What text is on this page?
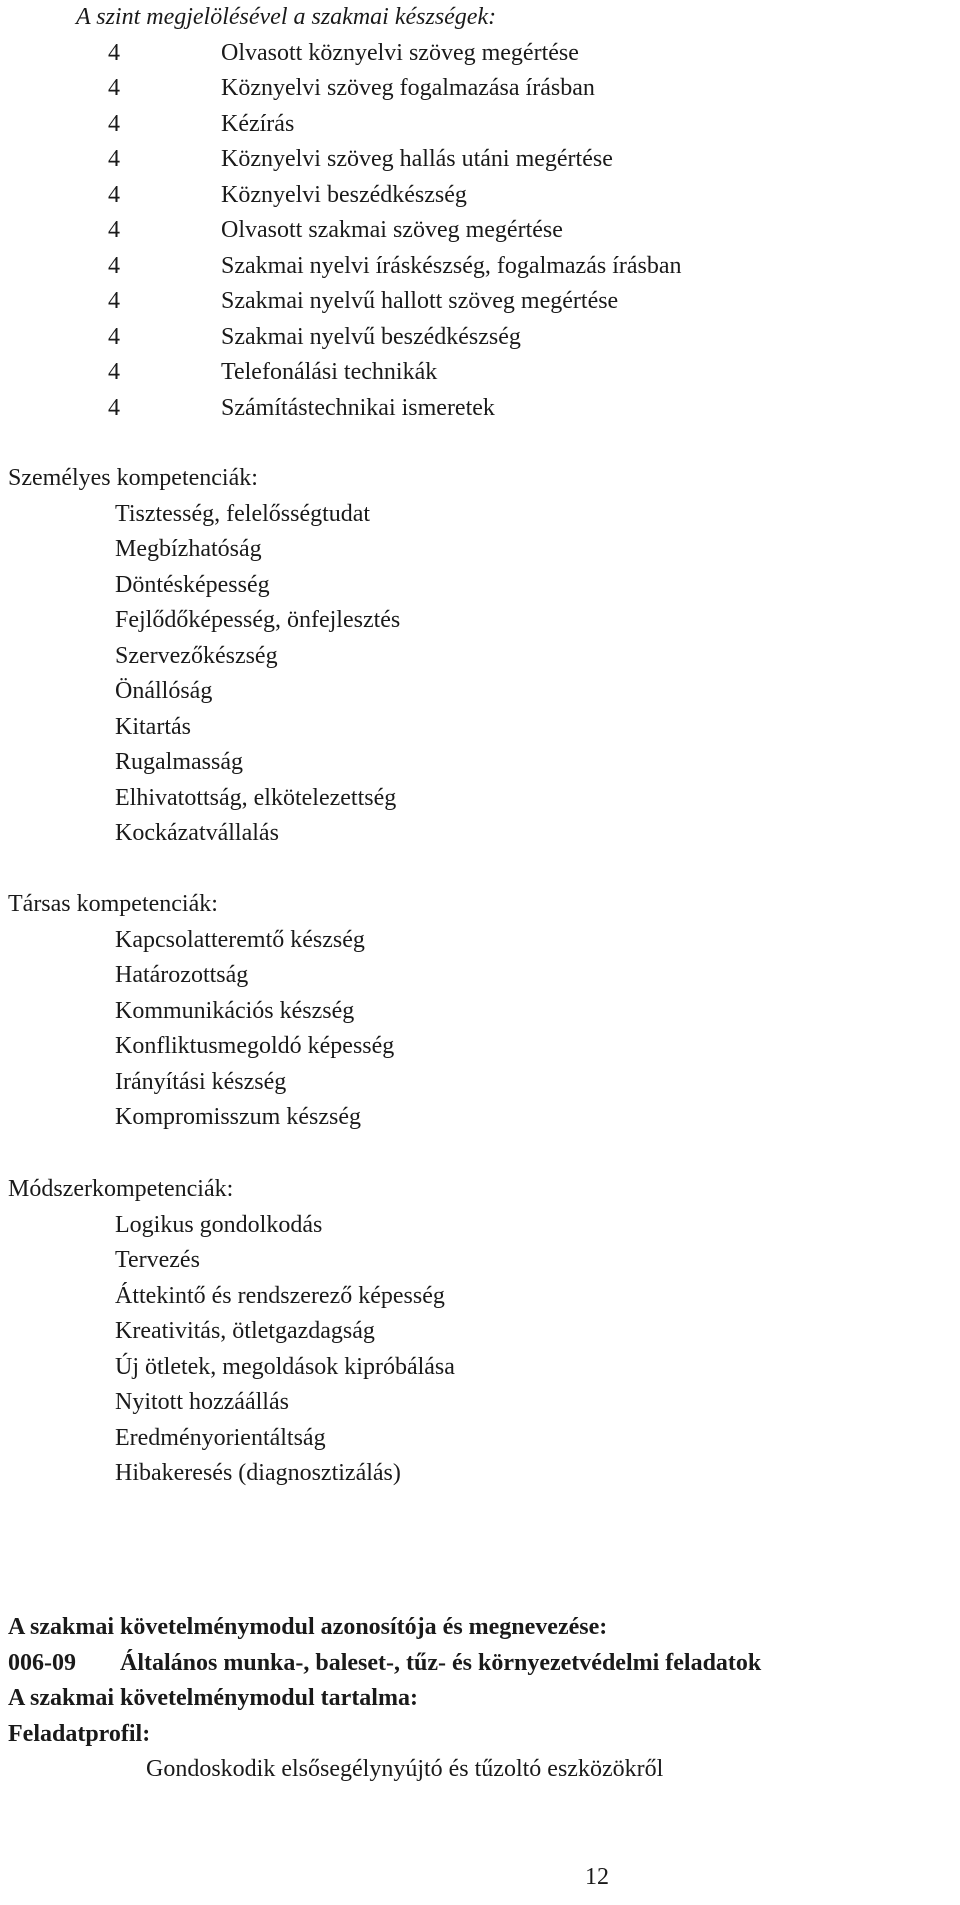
A szint megjelölésével a szakmai készségek:
4	Olvasott köznyelvi szöveg megértése
4	Köznyelvi szöveg fogalmazása írásban
4	Kézírás
4	Köznyelvi szöveg hallás utáni megértése
4	Köznyelvi beszédkészség
4	Olvasott szakmai szöveg megértése
4	Szakmai nyelvi íráskészség, fogalmazás írásban
4	Szakmai nyelvű hallott szöveg megértése
4	Szakmai nyelvű beszédkészség
4	Telefonálási technikák
4	Számítástechnikai ismeretek
Személyes kompetenciák:
Tisztesség, felelősségtudat
Megbízhatóság
Döntésképesség
Fejlődőképesség, önfejlesztés
Szervezőkészség
Önállóság
Kitartás
Rugalmasság
Elhivatottság, elkötelezettség
Kockázatvállalás
Társas kompetenciák:
Kapcsolatteremtő készség
Határozottság
Kommunikációs készség
Konfliktusmegoldó képesség
Irányítási készség
Kompromisszum készség
Módszerkompetenciák:
Logikus gondolkodás
Tervezés
Áttekintő és rendszerező képesség
Kreativitás, ötletgazdagság
Új ötletek, megoldások kipróbálása
Nyitott hozzáállás
Eredményorientáltság
Hibakeresés (diagnosztizálás)
A szakmai követelménymodul azonosítója és megnevezése:
006-09	Általános munka-, baleset-, tűz- és környezetvédelmi feladatok
A szakmai követelménymodul tartalma:
Feladatprofil:
Gondoskodik elsősegélynyújtó és tűzoltó eszközökről
12
